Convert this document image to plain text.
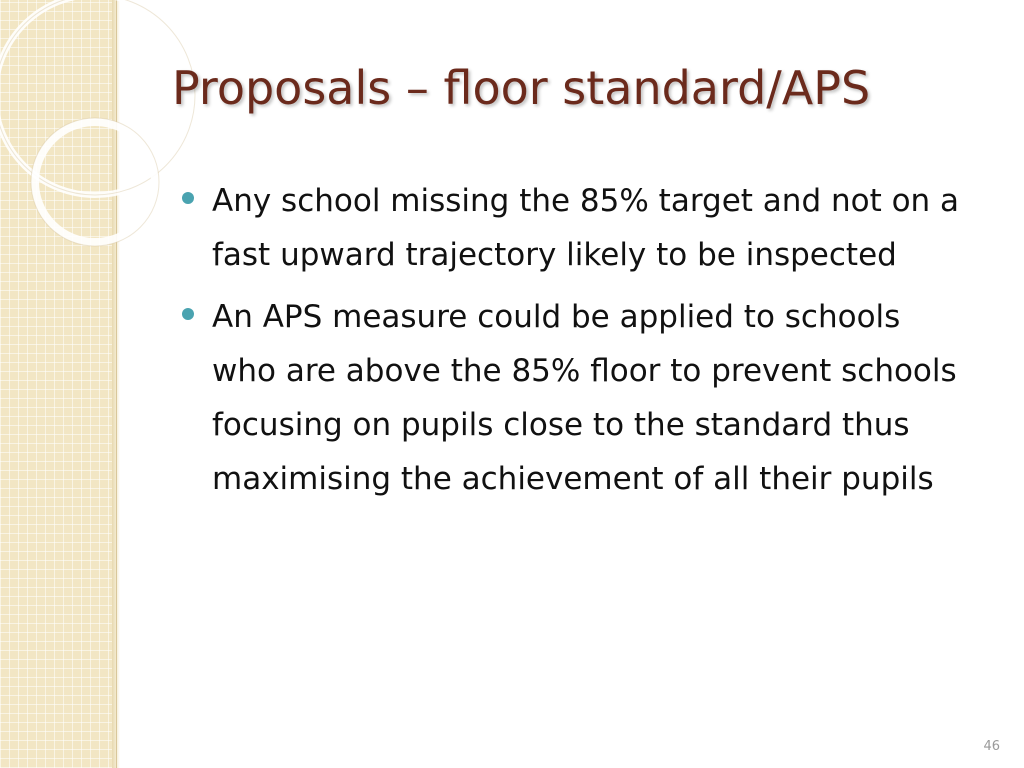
Proposals – floor standard/APS
Any school missing the 85% target and not on a fast upward trajectory likely to be inspected
An APS measure could be applied to schools who are above the 85% floor to prevent schools focusing on pupils close to the standard thus maximising the achievement of all their pupils
46
